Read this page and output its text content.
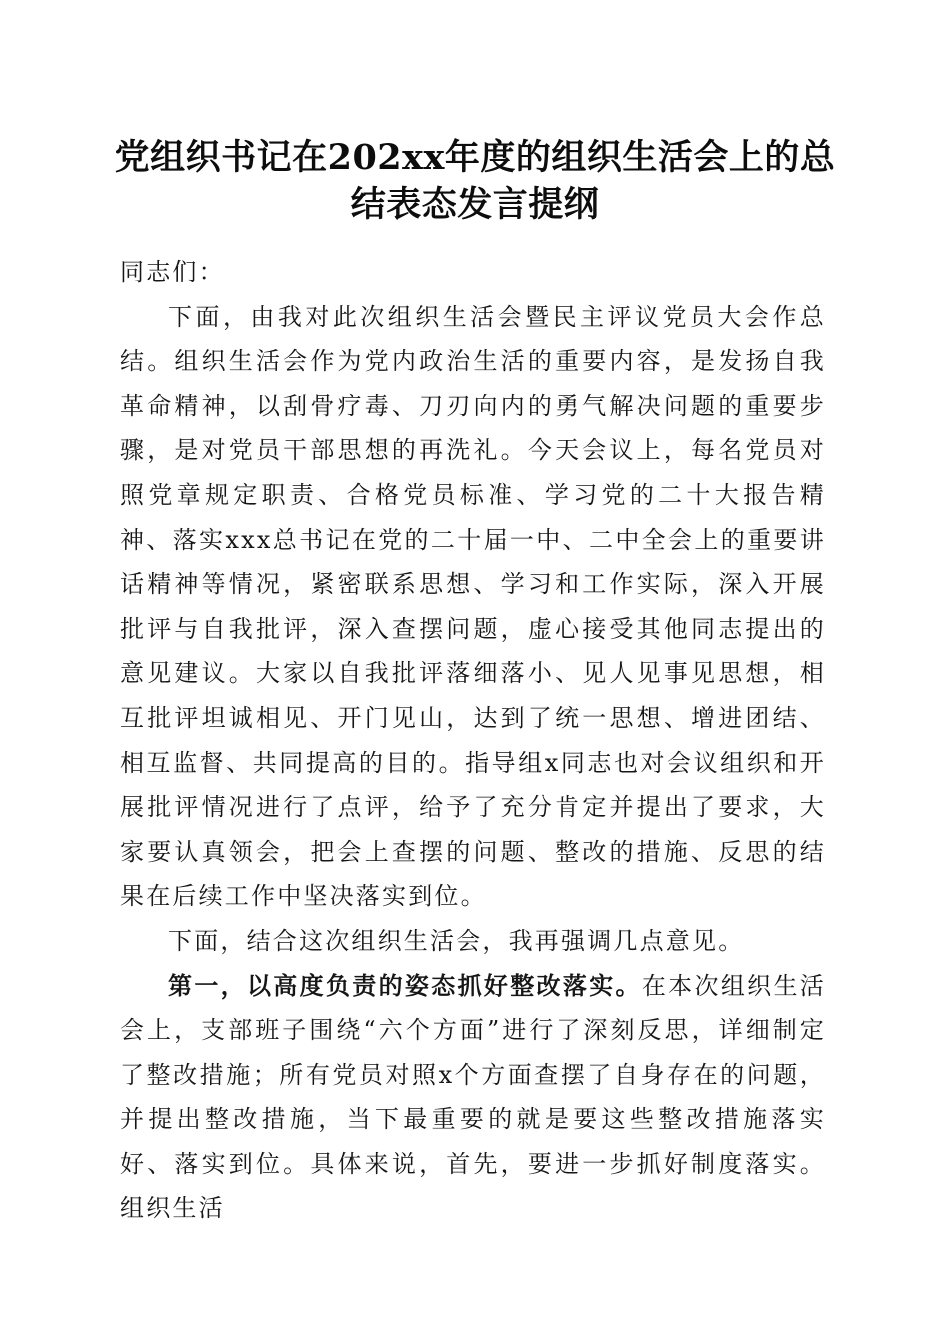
党组织书记在202xx年度的组织生活会上的总结表态发言提纲

同志们：

下面，由我对此次组织生活会暨民主评议党员大会作总结。组织生活会作为党内政治生活的重要内容，是发扬自我革命精神，以刮骨疗毒、刀刃向内的勇气解决问题的重要步骤，是对党员干部思想的再洗礼。今天会议上，每名党员对照党章规定职责、合格党员标准、学习党的二十大报告精神、落实xxx总书记在党的二十届一中、二中全会上的重要讲话精神等情况，紧密联系思想、学习和工作实际，深入开展批评与自我批评，深入查摆问题，虚心接受其他同志提出的意见建议。大家以自我批评落细落小、见人见事见思想，相互批评坦诚相见、开门见山，达到了统一思想、增进团结、相互监督、共同提高的目的。指导组x同志也对会议组织和开展批评情况进行了点评，给予了充分肯定并提出了要求，大家要认真领会，把会上查摆的问题、整改的措施、反思的结果在后续工作中坚决落实到位。

下面，结合这次组织生活会，我再强调几点意见。

第一，以高度负责的姿态抓好整改落实。在本次组织生活会上，支部班子围绕“六个方面”进行了深刻反思，详细制定了整改措施；所有党员对照x个方面查摆了自身存在的问题，并提出整改措施，当下最重要的就是要这些整改措施落实好、落实到位。具体来说，首先，要进一步抓好制度落实。组织生活
